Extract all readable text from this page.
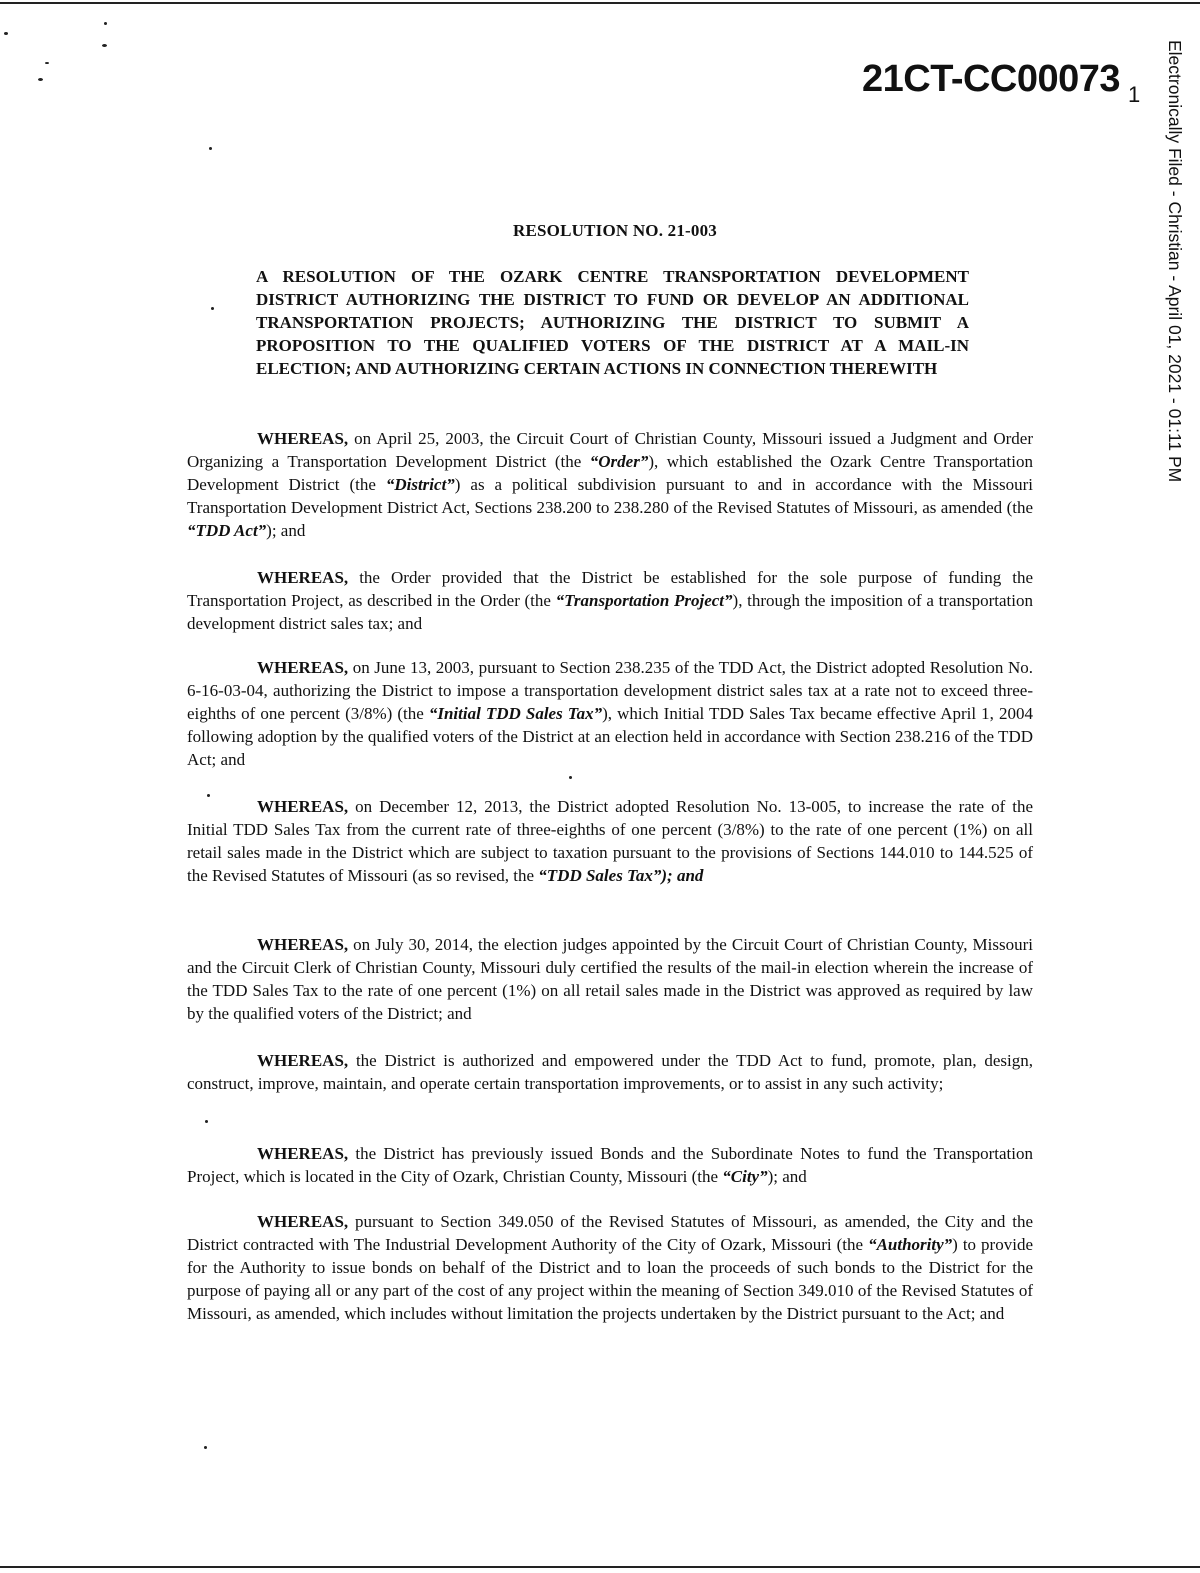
21CT-CC00073 1 Electronically Filed - Christian - April 01, 2021 - 01:11 PM
RESOLUTION NO. 21-003
A RESOLUTION OF THE OZARK CENTRE TRANSPORTATION DEVELOPMENT DISTRICT AUTHORIZING THE DISTRICT TO FUND OR DEVELOP AN ADDITIONAL TRANSPORTATION PROJECTS; AUTHORIZING THE DISTRICT TO SUBMIT A PROPOSITION TO THE QUALIFIED VOTERS OF THE DISTRICT AT A MAIL-IN ELECTION; AND AUTHORIZING CERTAIN ACTIONS IN CONNECTION THEREWITH
WHEREAS, on April 25, 2003, the Circuit Court of Christian County, Missouri issued a Judgment and Order Organizing a Transportation Development District (the “Order”), which established the Ozark Centre Transportation Development District (the “District”) as a political subdivision pursuant to and in accordance with the Missouri Transportation Development District Act, Sections 238.200 to 238.280 of the Revised Statutes of Missouri, as amended (the “TDD Act”); and
WHEREAS, the Order provided that the District be established for the sole purpose of funding the Transportation Project, as described in the Order (the “Transportation Project”), through the imposition of a transportation development district sales tax; and
WHEREAS, on June 13, 2003, pursuant to Section 238.235 of the TDD Act, the District adopted Resolution No. 6-16-03-04, authorizing the District to impose a transportation development district sales tax at a rate not to exceed three-eighths of one percent (3/8%) (the “Initial TDD Sales Tax”), which Initial TDD Sales Tax became effective April 1, 2004 following adoption by the qualified voters of the District at an election held in accordance with Section 238.216 of the TDD Act; and
WHEREAS, on December 12, 2013, the District adopted Resolution No. 13-005, to increase the rate of the Initial TDD Sales Tax from the current rate of three-eighths of one percent (3/8%) to the rate of one percent (1%) on all retail sales made in the District which are subject to taxation pursuant to the provisions of Sections 144.010 to 144.525 of the Revised Statutes of Missouri (as so revised, the “TDD Sales Tax”); and
WHEREAS, on July 30, 2014, the election judges appointed by the Circuit Court of Christian County, Missouri and the Circuit Clerk of Christian County, Missouri duly certified the results of the mail-in election wherein the increase of the TDD Sales Tax to the rate of one percent (1%) on all retail sales made in the District was approved as required by law by the qualified voters of the District; and
WHEREAS, the District is authorized and empowered under the TDD Act to fund, promote, plan, design, construct, improve, maintain, and operate certain transportation improvements, or to assist in any such activity;
WHEREAS, the District has previously issued Bonds and the Subordinate Notes to fund the Transportation Project, which is located in the City of Ozark, Christian County, Missouri (the “City”); and
WHEREAS, pursuant to Section 349.050 of the Revised Statutes of Missouri, as amended, the City and the District contracted with The Industrial Development Authority of the City of Ozark, Missouri (the “Authority”) to provide for the Authority to issue bonds on behalf of the District and to loan the proceeds of such bonds to the District for the purpose of paying all or any part of the cost of any project within the meaning of Section 349.010 of the Revised Statutes of Missouri, as amended, which includes without limitation the projects undertaken by the District pursuant to the Act; and
